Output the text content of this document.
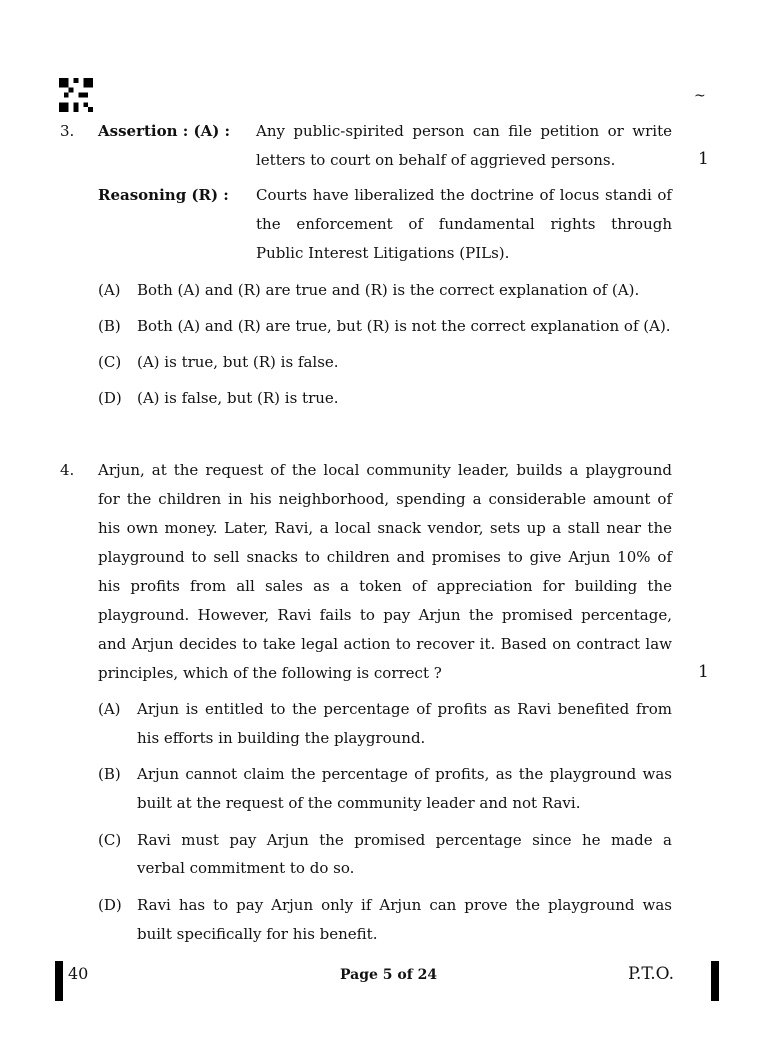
~
3. Assertion : (A) : Any public-spirited person can file petition or write
letters to court on behalf of aggrieved persons.	1
Reasoning (R) : Courts have liberalized the doctrine of locus standi of
the enforcement of fundamental rights through
Public Interest Litigations (PILs).
(A) Both (A) and (R) are true and (R) is the correct explanation of (A).
(B) Both (A) and (R) are true, but (R) is not the correct explanation of (A).
(C) (A) is true, but (R) is false.
(D) (A) is false, but (R) is true.
4. Arjun, at the request of the local community leader, builds a playground
for the children in his neighborhood, spending a considerable amount of
his own money. Later, Ravi, a local snack vendor, sets up a stall near the
playground to sell snacks to children and promises to give Arjun 10% of
his profits from all sales as a token of appreciation for building the
playground. However, Ravi fails to pay Arjun the promised percentage,
and Arjun decides to take legal action to recover it. Based on contract law
principles, which of the following is correct ?	1
(A) Arjun is entitled to the percentage of profits as Ravi benefited from
his efforts in building the playground.
(B) Arjun cannot claim the percentage of profits, as the playground was
built at the request of the community leader and not Ravi.
(C) Ravi must pay Arjun the promised percentage since he made a
verbal commitment to do so.
(D) Ravi has to pay Arjun only if Arjun can prove the playground was
built specifically for his benefit.
40	Page 5 of 24	P.T.O.
